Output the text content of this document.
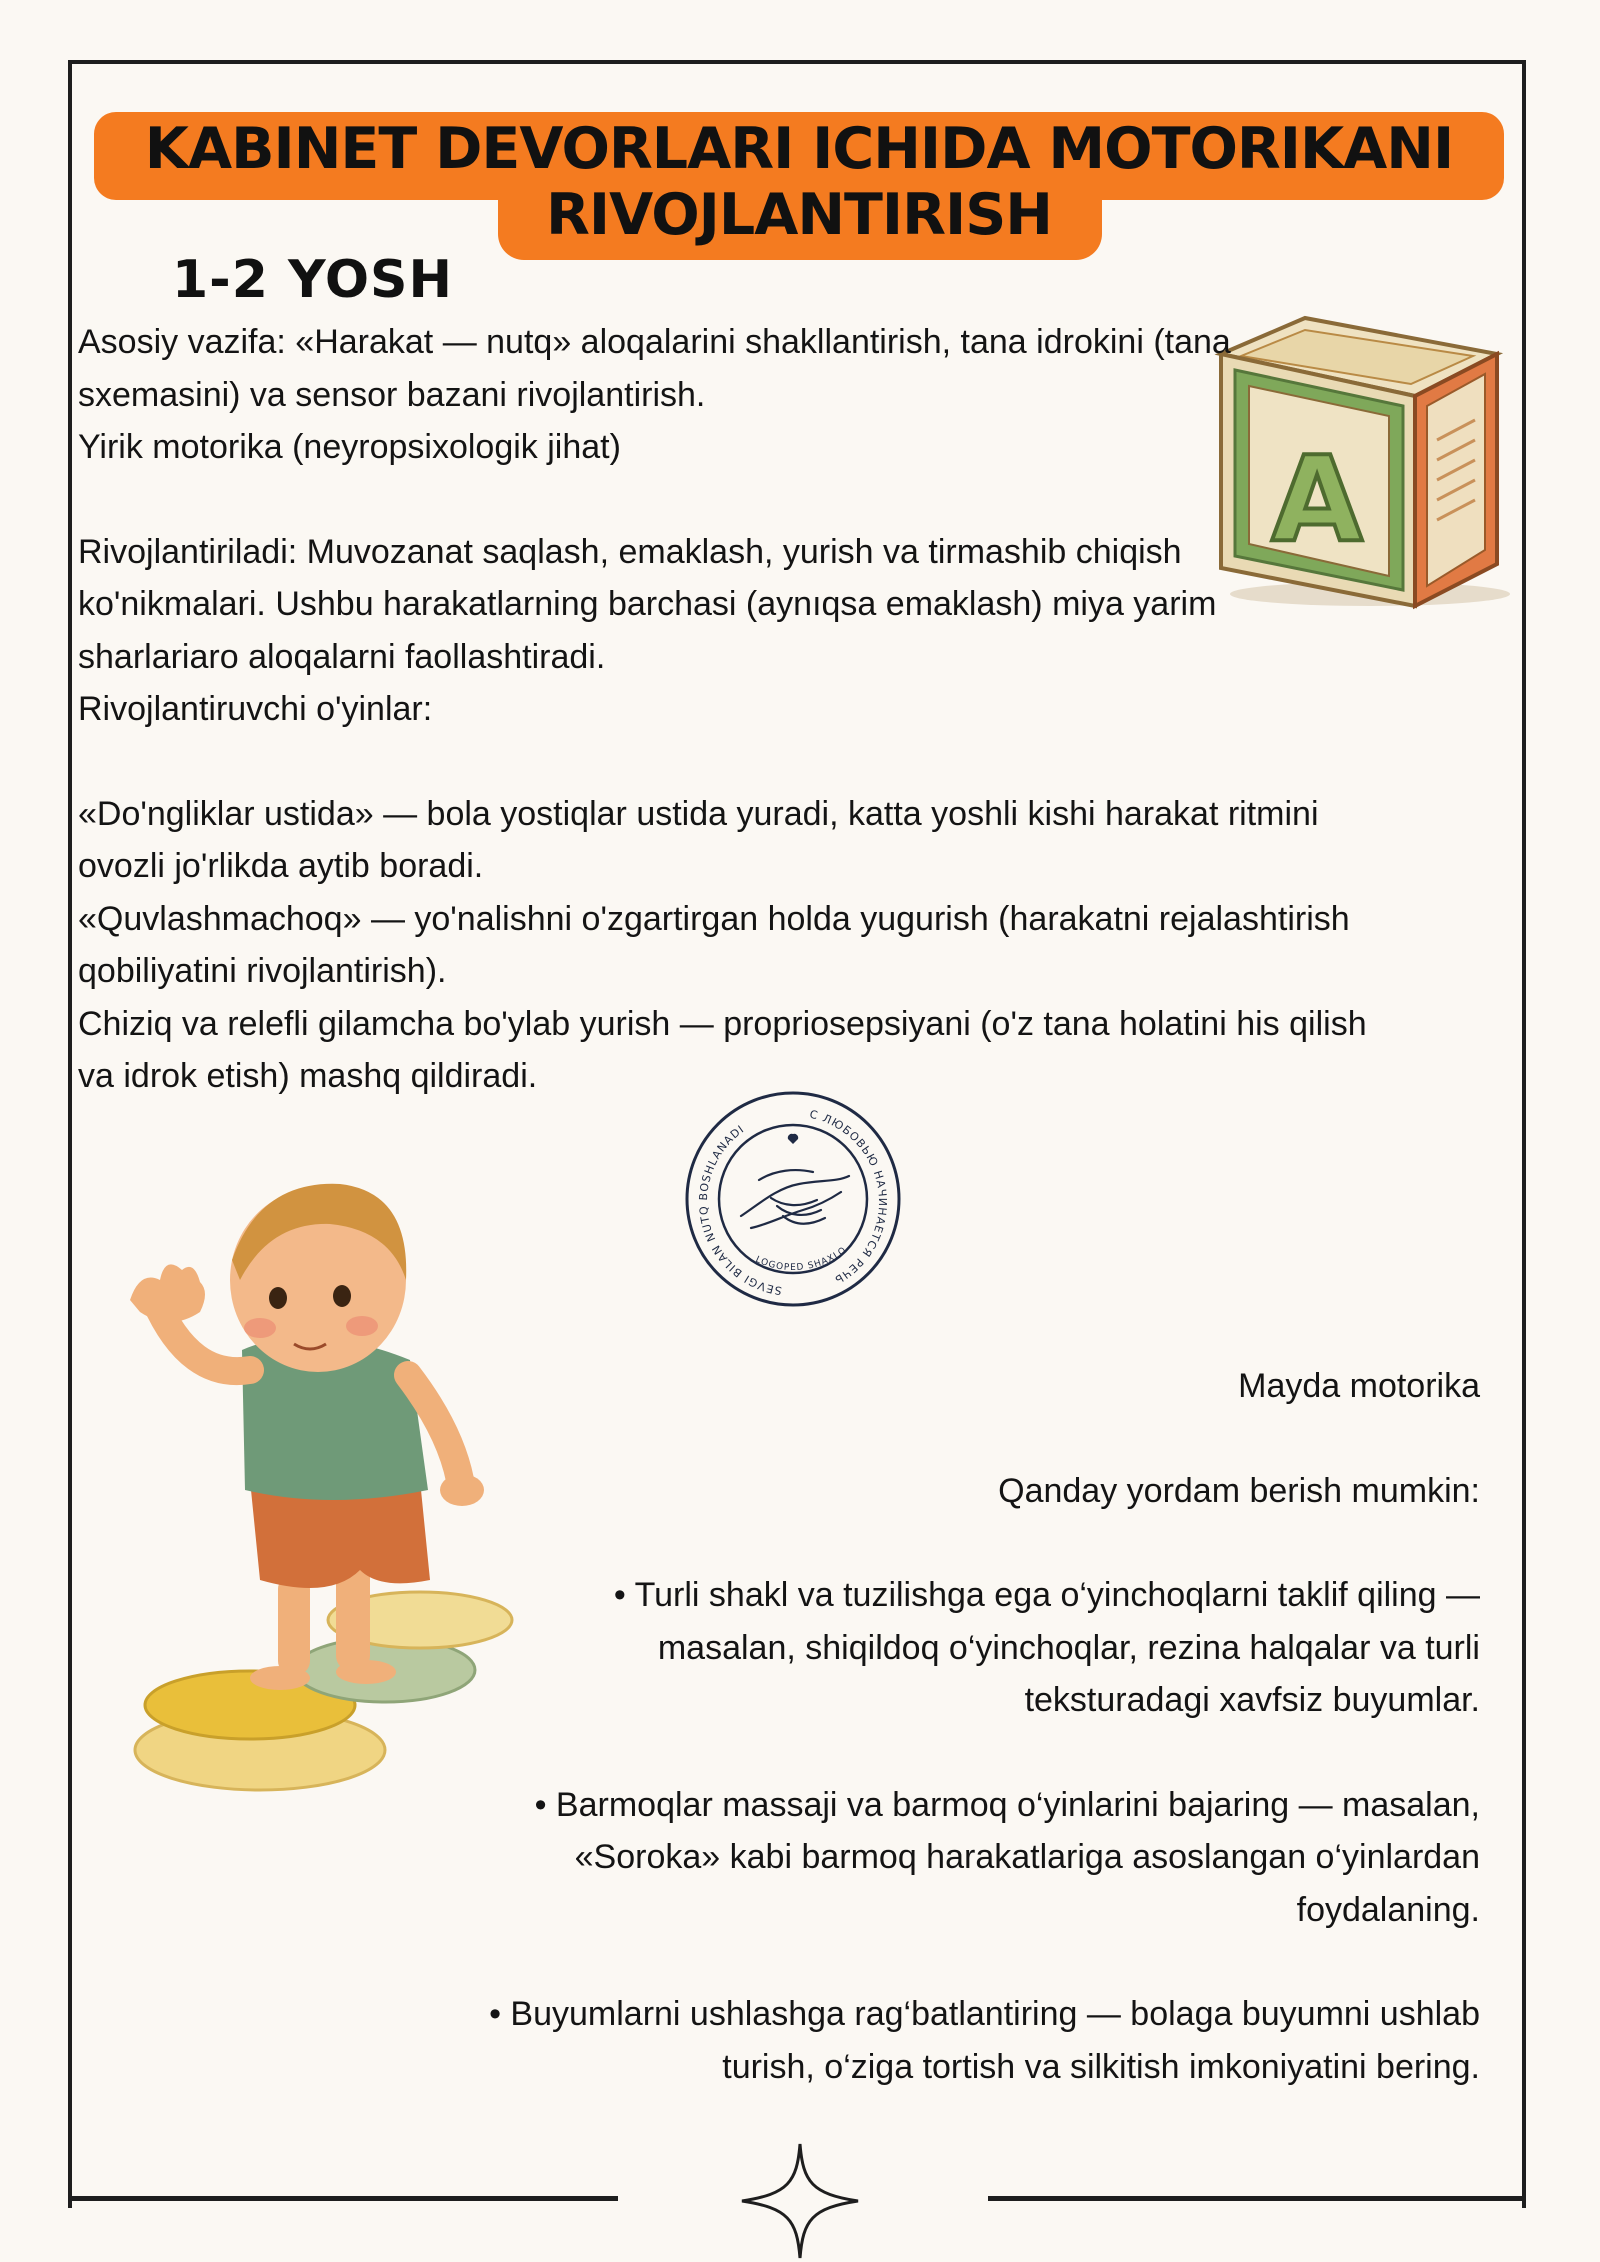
KABINET DEVORLARI ICHIDA MOTORIKANI RIVOJLANTIRISH
1-2 YOSH
A

Asosiy vazifa: «Harakat — nutq» aloqalarini shakllantirish, tana idrokini (tana sxemasini) va sensor bazani rivojlantirish.

Yirik motorika (neyropsixologik jihat)

Rivojlantiriladi: Muvozanat saqlash, emaklash, yurish va tirmashib chiqish ko'nikmalari. Ushbu harakatlarning barchasi (aynıqsa emaklash) miya yarim sharlariaro aloqalarni faollashtiradi.

Rivojlantiruvchi o'yinlar:

«Do'ngliklar ustida» — bola yostiqlar ustida yuradi, katta yoshli kishi harakat ritmini ovozli jo'rlikda aytib boradi.

«Quvlashmachoq» — yo'nalishni o'zgartirgan holda yugurish (harakatni rejalashtirish qobiliyatini rivojlantirish).

Chiziq va relefli gilamcha bo'ylab yurish — propriosepsiyani (o'z tana holatini his qilish va idrok etish) mashq qildiradi.

SEVGI BILAN NUTQ BOSHLANADI
С ЛЮБОВЬЮ НАЧИНАЕТСЯ РЕЧЬ
LOGOPED SHAXLO

Mayda motorika

Qanday yordam berish mumkin:

• Turli shakl va tuzilishga ega o‘yinchoqlarni taklif qiling — masalan, shiqildoq o‘yinchoqlar, rezina halqalar va turli teksturadagi xavfsiz buyumlar.

• Barmoqlar massaji va barmoq o‘yinlarini bajaring — masalan, «Soroka» kabi barmoq harakatlariga asoslangan o‘yinlardan foydalaning.

• Buyumlarni ushlashga rag‘batlantiring — bolaga buyumni ushlab turish, o‘ziga tortish va silkitish imkoniyatini bering.
